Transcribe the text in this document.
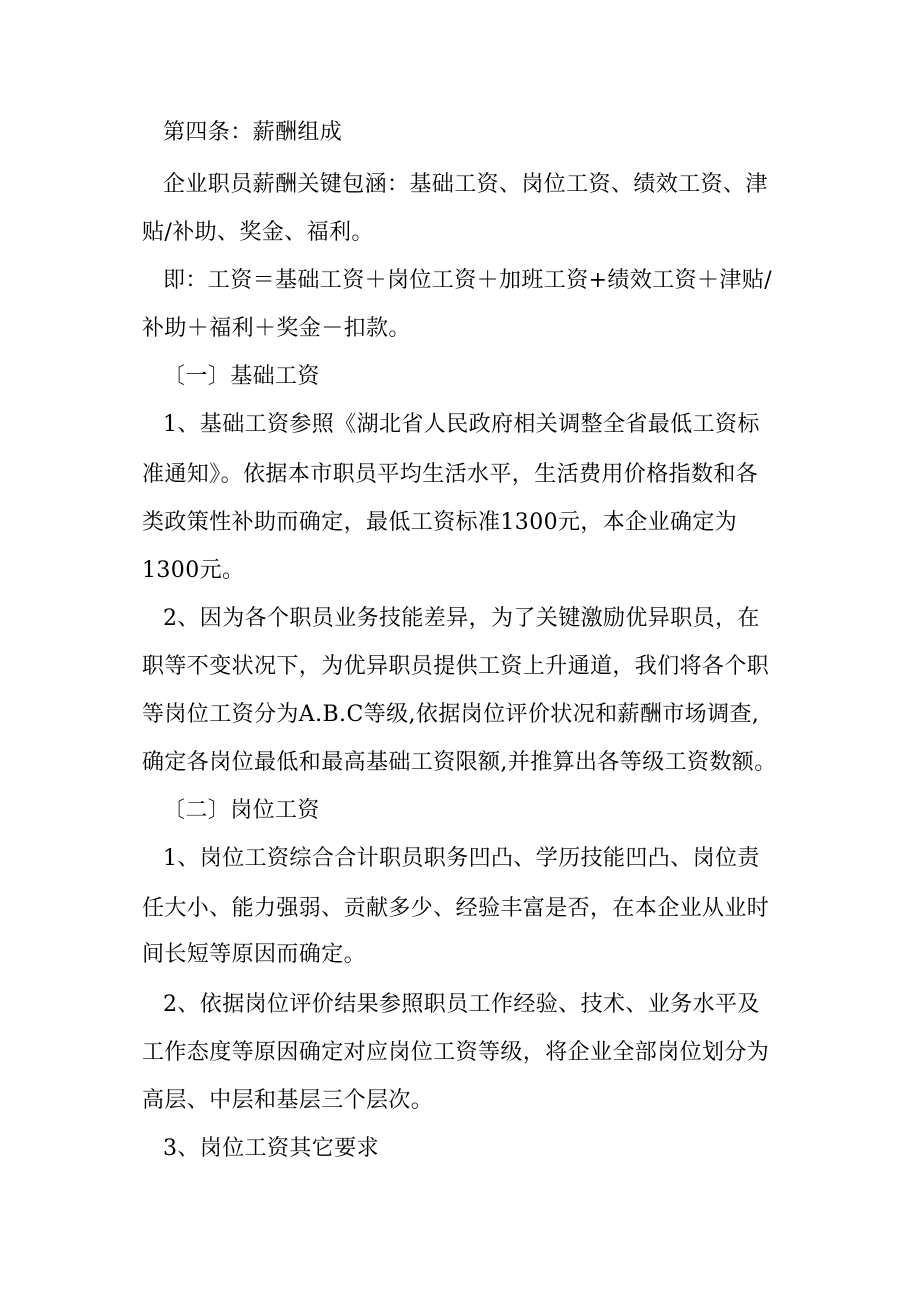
第四条：薪酬组成
企业职员薪酬关键包涵：基础工资、岗位工资、绩效工资、津
贴/补助、奖金、福利。
即：工资＝基础工资＋岗位工资＋加班工资+绩效工资＋津贴/
补助＋福利＋奖金－扣款。
〔一〕基础工资
1、基础工资参照《湖北省人民政府相关调整全省最低工资标
准通知》。依据本市职员平均生活水平，生活费用价格指数和各
类政策性补助而确定，最低工资标准1300元，本企业确定为
1300元。
2、因为各个职员业务技能差异，为了关键激励优异职员，在
职等不变状况下，为优异职员提供工资上升通道，我们将各个职
等岗位工资分为A.B.C等级,依据岗位评价状况和薪酬市场调查,
确定各岗位最低和最高基础工资限额,并推算出各等级工资数额。
〔二〕岗位工资
1、岗位工资综合合计职员职务凹凸、学历技能凹凸、岗位责
任大小、能力强弱、贡献多少、经验丰富是否，在本企业从业时
间长短等原因而确定。
2、依据岗位评价结果参照职员工作经验、技术、业务水平及
工作态度等原因确定对应岗位工资等级，将企业全部岗位划分为
高层、中层和基层三个层次。
3、岗位工资其它要求
